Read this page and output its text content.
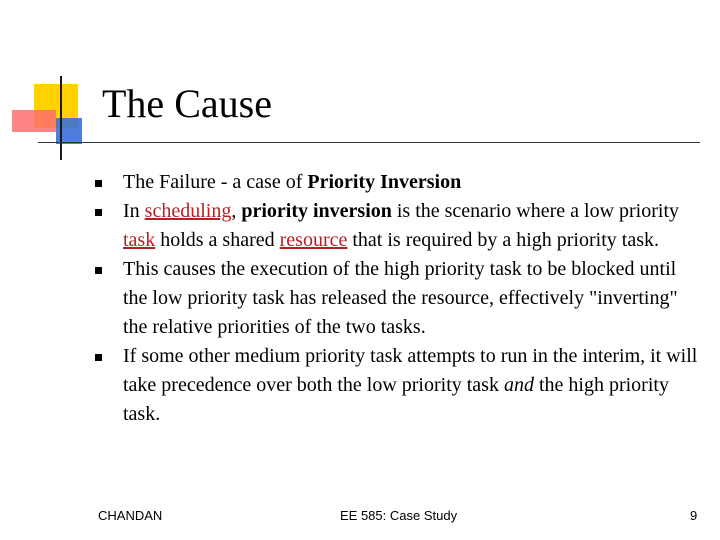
The Cause
The Failure - a case of Priority Inversion
In scheduling, priority inversion is the scenario where a low priority task holds a shared resource that is required by a high priority task.
This causes the execution of the high priority task to be blocked until the low priority task has released the resource, effectively "inverting" the relative priorities of the two tasks.
If some other medium priority task attempts to run in the interim, it will take precedence over both the low priority task and the high priority task.
CHANDAN	EE 585: Case Study	9
